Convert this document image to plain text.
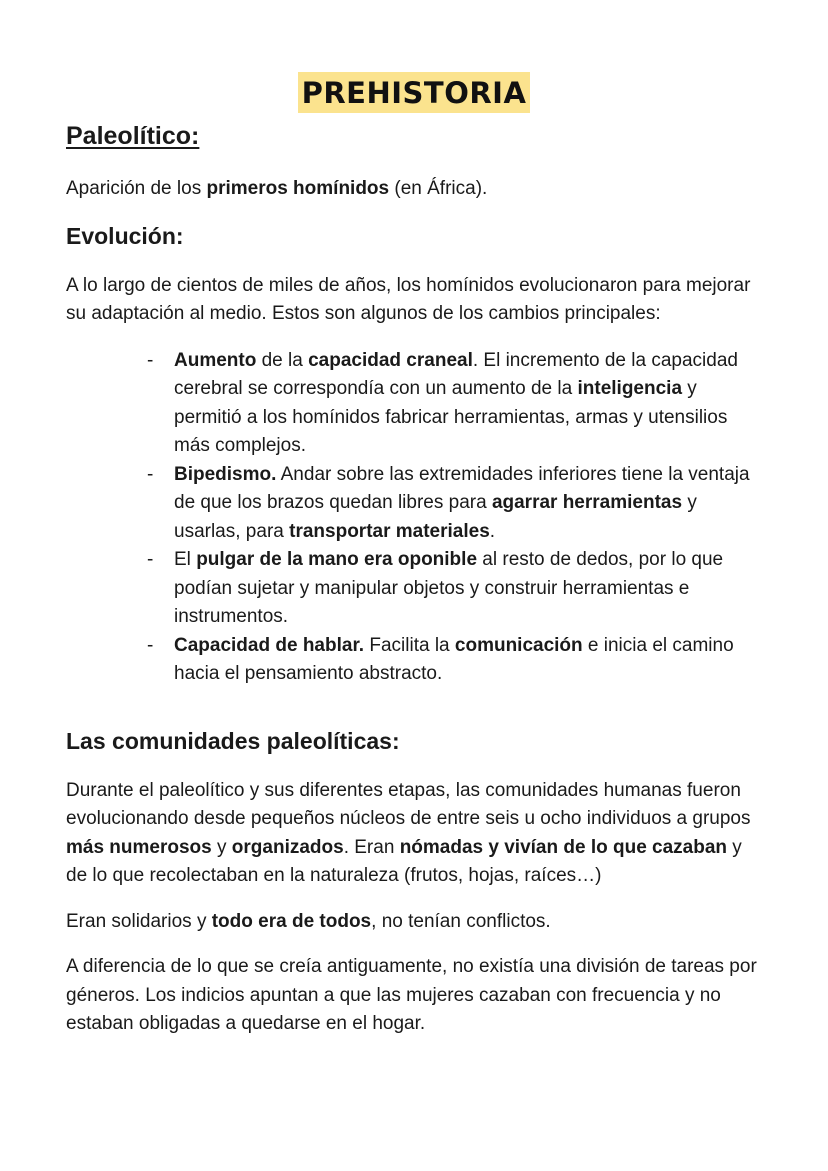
PREHISTORIA
Paleolítico:

Aparición de los primeros homínidos (en África).

Evolución:

A lo largo de cientos de miles de años, los homínidos evolucionaron para mejorar su adaptación al medio. Estos son algunos de los cambios principales:

- Aumento de la capacidad craneal. El incremento de la capacidad cerebral se correspondía con un aumento de la inteligencia y permitió a los homínidos fabricar herramientas, armas y utensilios más complejos.
- Bipedismo. Andar sobre las extremidades inferiores tiene la ventaja de que los brazos quedan libres para agarrar herramientas y usarlas, para transportar materiales.
- El pulgar de la mano era oponible al resto de dedos, por lo que podían sujetar y manipular objetos y construir herramientas e instrumentos.
- Capacidad de hablar. Facilita la comunicación e inicia el camino hacia el pensamiento abstracto.
Las comunidades paleolíticas:

Durante el paleolítico y sus diferentes etapas, las comunidades humanas fueron evolucionando desde pequeños núcleos de entre seis u ocho individuos a grupos más numerosos y organizados. Eran nómadas y vivían de lo que cazaban y de lo que recolectaban en la naturaleza (frutos, hojas, raíces…)

Eran solidarios y todo era de todos, no tenían conflictos.

A diferencia de lo que se creía antiguamente, no existía una división de tareas por géneros. Los indicios apuntan a que las mujeres cazaban con frecuencia y no estaban obligadas a quedarse en el hogar.
